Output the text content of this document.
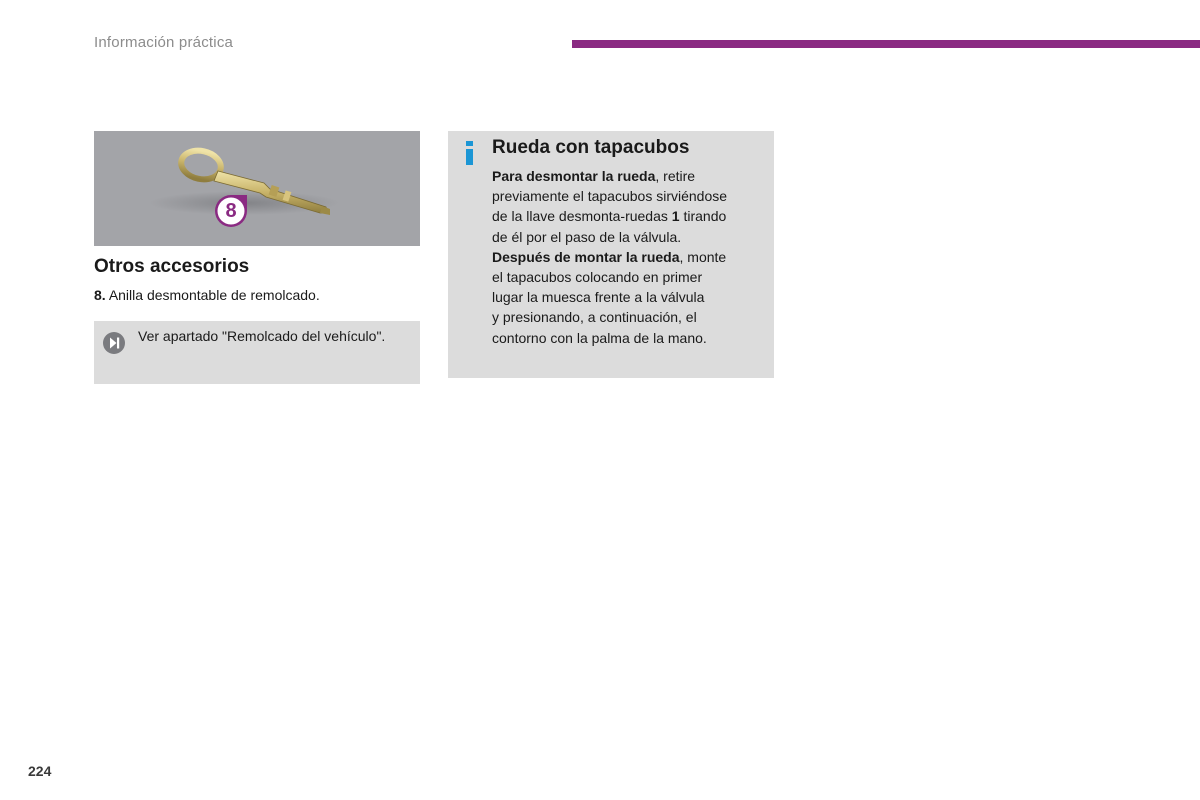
Información práctica
8
Otros accesorios
8. Anilla desmontable de remolcado.
Ver apartado "Remolcado del vehículo".
Rueda con tapacubos
Para desmontar la rueda, retire
previamente el tapacubos sirviéndose
de la llave desmonta-ruedas 1 tirando
de él por el paso de la válvula.
Después de montar la rueda, monte
el tapacubos colocando en primer
lugar la muesca frente a la válvula
y presionando, a continuación, el
contorno con la palma de la mano.
224
